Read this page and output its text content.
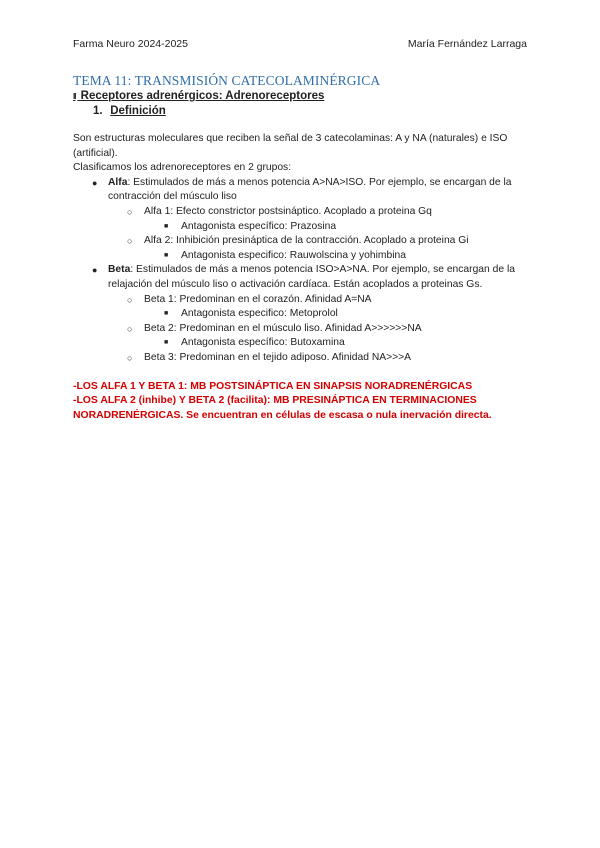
Farma Neuro 2024-2025	María Fernández Larraga
TEMA 11: TRANSMISIÓN CATECOLAMINÉRGICA
II Receptores adrenérgicos: Adrenoreceptores
1. Definición

Son estructuras moleculares que reciben la señal de 3 catecolaminas: A y NA (naturales) e ISO (artificial).

Clasificamos los adrenoreceptores en 2 grupos:

● Alfa: Estimulados de más a menos potencia A>NA>ISO. Por ejemplo, se encargan de la contracción del músculo liso
○ Alfa 1: Efecto constrictor postsináptico. Acoplado a proteina Gq
■ Antagonista específico: Prazosina
○ Alfa 2: Inhibición presináptica de la contracción. Acoplado a proteina Gi
■ Antagonista especifico: Rauwolscina y yohimbina
● Beta: Estimulados de más a menos potencia ISO>A>NA. Por ejemplo, se encargan de la relajación del músculo liso o activación cardíaca. Están acoplados a proteinas Gs.
○ Beta 1: Predominan en el corazón. Afinidad A=NA
■ Antagonista especifico: Metoprolol
○ Beta 2: Predominan en el músculo liso. Afinidad A>>>>>>NA
■ Antagonista específico: Butoxamina
○ Beta 3: Predominan en el tejido adiposo. Afinidad NA>>>A

-LOS ALFA 1 Y BETA 1: MB POSTSINÁPTICA EN SINAPSIS NORADRENÉRGICAS

-LOS ALFA 2 (inhibe) Y BETA 2 (facilita): MB PRESINÁPTICA EN TERMINACIONES NORADRENÉRGICAS. Se encuentran en células de escasa o nula inervación directa.
